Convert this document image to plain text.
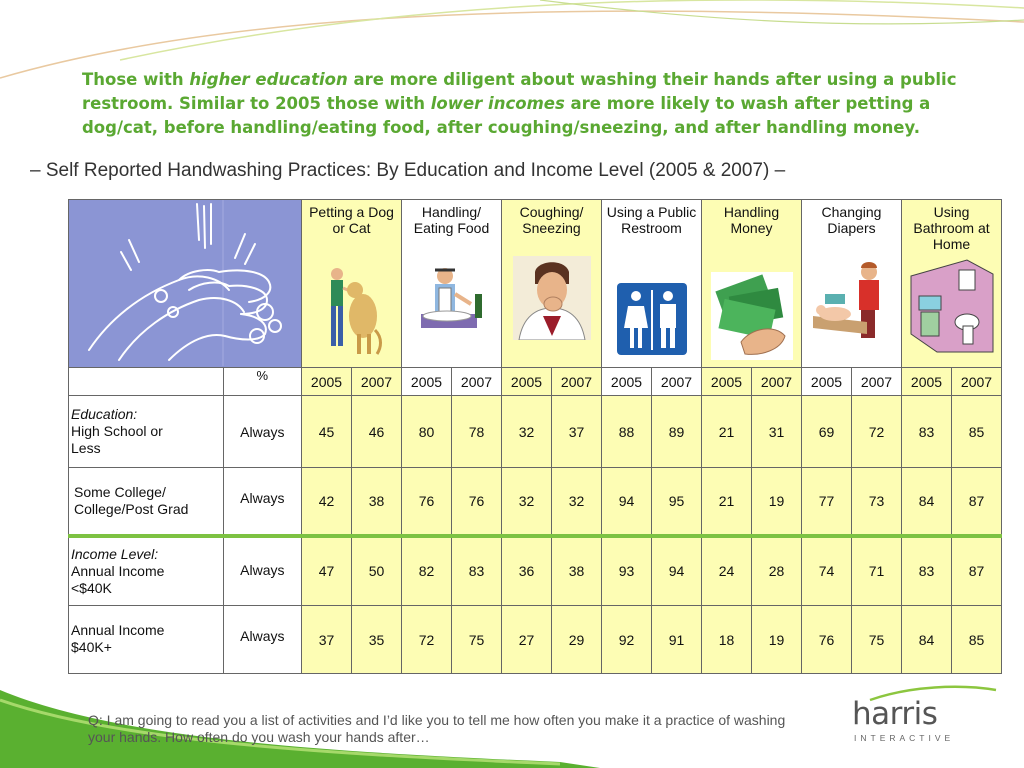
Those with higher education are more diligent about washing their hands after using a public restroom. Similar to 2005 those with lower incomes are more likely to wash after petting a dog/cat, before handling/eating food, after coughing/sneezing, and after handling money.
– Self Reported Handwashing Practices: By Education and Income Level (2005 & 2007) –

Petting a Dog or Cat		Handling/ Eating Food		Coughing/ Sneezing		Using a Public Restroom		Handling Money		Changing Diapers		Using Bathroom at Home	

	%	2005	2007	2005	2007	2005	2007	2005	2007	2005	2007	2005	2007	2005	2007

Education:
High School or Less	Always	45	46	80	78	32	37	88	89	21	31	69	72	83	85

Some College/ College/Post Grad	Always	42	38	76	76	32	32	94	95	21	19	77	73	84	87

Income Level:
Annual Income <$40K	Always	47	50	82	83	36	38	93	94	24	28	74	71	83	87

Annual Income $40K+	Always	37	35	72	75	27	29	92	91	18	19	76	75	84	85
Q: I am going to read you a list of activities and I’d like you to tell me how often you make it a practice of washing your hands. How often do you wash your hands after…
harris
INTERACTIVE
